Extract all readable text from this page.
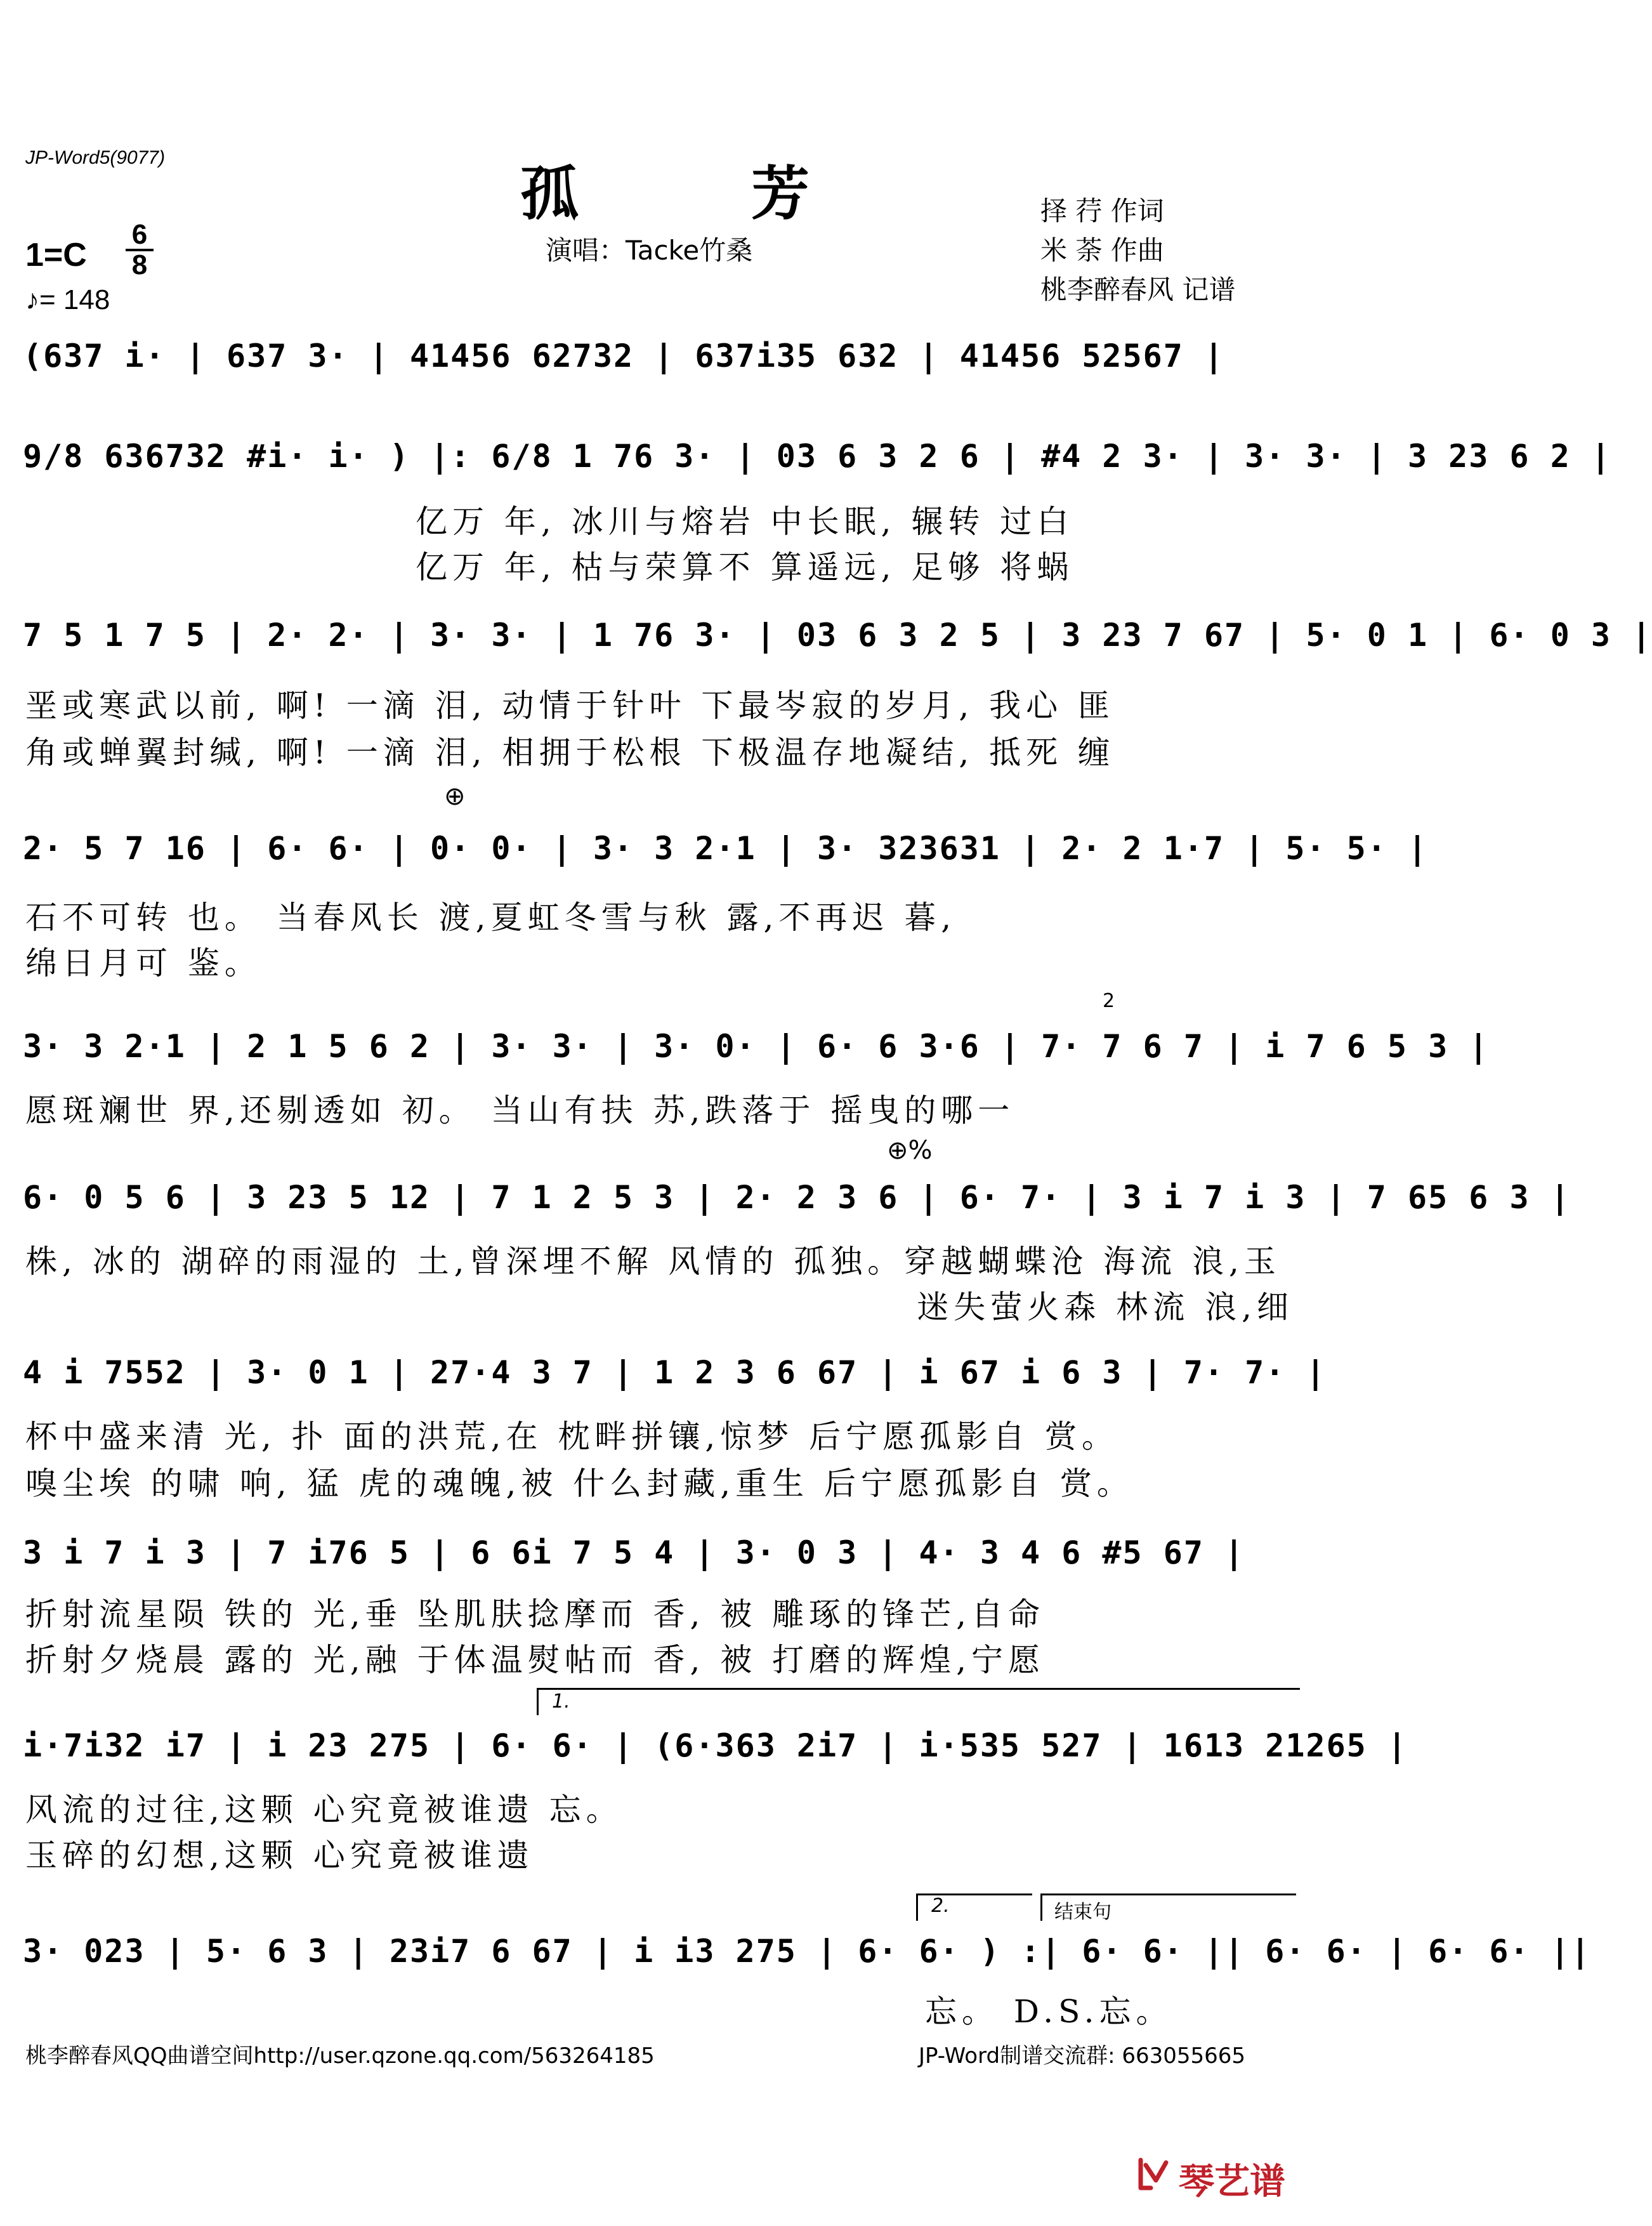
JP-Word5(9077)
孤 芳
演唱：Tacke竹桑
择 荇 作词
米 荼 作曲
桃李醉春风 记谱
1=C
6
8
♪= 148
(637 i· | 637 3· | 41456 62732 | 637i35 632 | 41456 52567 |
9/8 636732 #i· i· ) |: 6/8 1 76 3· | 03 6 3 2 6 | #4 2 3· | 3· 3· | 3 23 6 2 |
亿万 年, 冰川与熔岩 中长眠, 辗转 过白
亿万 年, 枯与荣算不 算遥远, 足够 将蜗
7 5 1 7 5 | 2· 2· | 3· 3· | 1 76 3· | 03 6 3 2 5 | 3 23 7 67 | 5· 0 1 | 6· 0 3 |
垩或寒武以前, 啊! 一滴 泪, 动情于针叶 下最岑寂的岁月, 我心 匪
角或蝉翼封缄, 啊! 一滴 泪, 相拥于松根 下极温存地凝结, 抵死 缠
⊕
2· 5 7 16 | 6· 6· | 0· 0· | 3· 3 2·1 | 3· 323631 | 2· 2 1·7 | 5· 5· |
石不可转 也。 当春风长 渡,夏虹冬雪与秋 露,不再迟 暮,
绵日月可 鉴。
2
3· 3 2·1 | 2 1 5 6 2 | 3· 3· | 3· 0· | 6· 6 3·6 | 7· 7 6 7 | i 7 6 5 3 |
愿斑斓世 界,还剔透如 初。 当山有扶 苏,跌落于 摇曳的哪一
⊕%
6· 0 5 6 | 3 23 5 12 | 7 1 2 5 3 | 2· 2 3 6 | 6· 7· | 3 i 7 i 3 | 7 65 6 3 |
株, 冰的 湖碎的雨湿的 土,曾深埋不解 风情的 孤独。穿越蝴蝶沧 海流 浪,玉
迷失萤火森 林流 浪,细
4 i 7552 | 3· 0 1 | 27·4 3 7 | 1 2 3 6 67 | i 67 i 6 3 | 7· 7· |
杯中盛来清 光, 扑 面的洪荒,在 枕畔拼镶,惊梦 后宁愿孤影自 赏。
嗅尘埃 的啸 响, 猛 虎的魂魄,被 什么封藏,重生 后宁愿孤影自 赏。
3 i 7 i 3 | 7 i76 5 | 6 6i 7 5 4 | 3· 0 3 | 4· 3 4 6 #5 67 |
折射流星陨 铁的 光,垂 坠肌肤捻摩而 香, 被 雕琢的锋芒,自命
折射夕烧晨 露的 光,融 于体温熨帖而 香, 被 打磨的辉煌,宁愿
1.
i·7i32 i7 | i 23 275 | 6· 6· | (6·363 2i7 | i·535 527 | 1613 21265 |
风流的过往,这颗 心究竟被谁遗 忘。
玉碎的幻想,这颗 心究竟被谁遗
2.	结束句
3· 023 | 5· 6 3 | 23i7 6 67 | i i3 275 | 6· 6· ) :| 6· 6· || 6· 6· | 6· 6· ||
忘。 D.S.忘。
桃李醉春风QQ曲谱空间http://user.qzone.qq.com/563264185	JP-Word制谱交流群: 663055665
琴艺谱
